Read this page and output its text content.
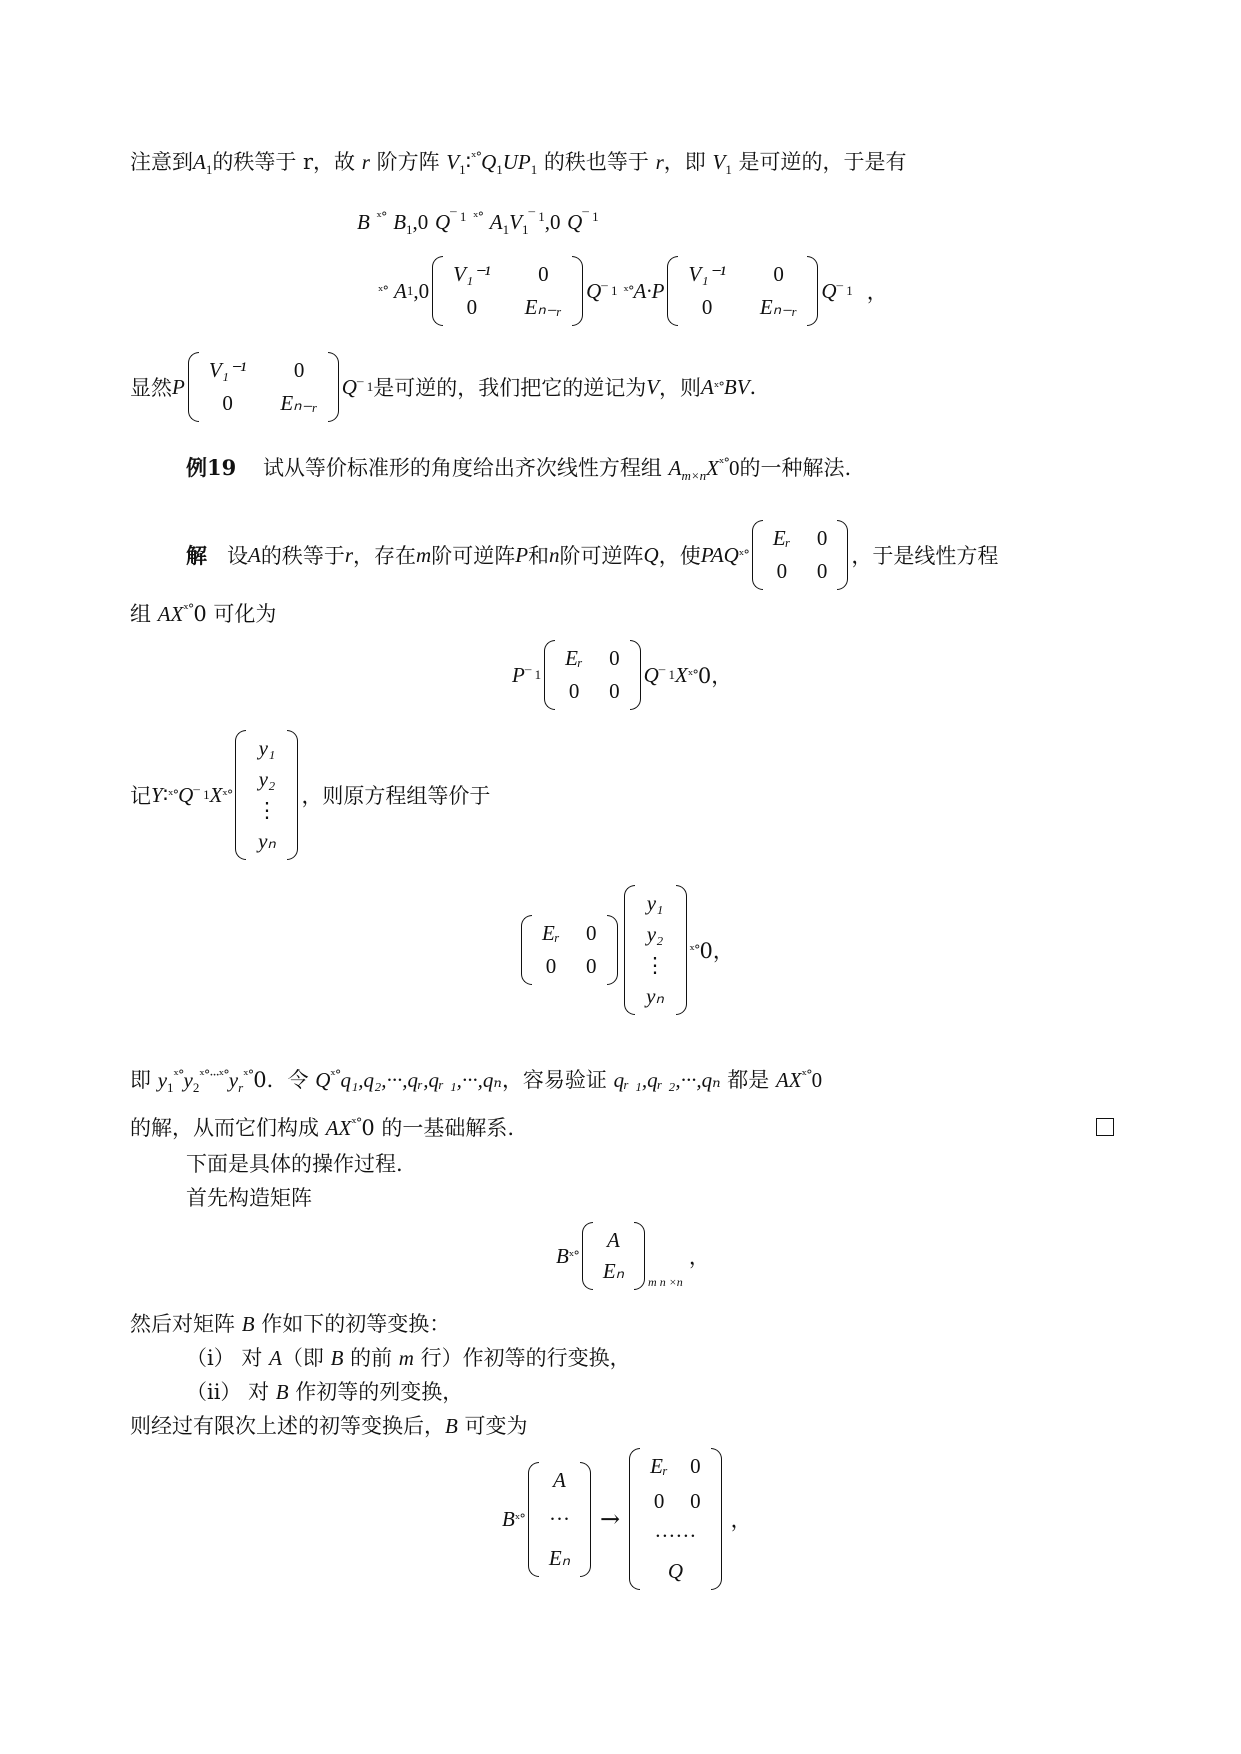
注意到$A_1$的秩等于 r，故 r 阶方阵 $V_1∶^{ˣ^\circ}Q_1UP_1$ 的秩也等于 r，即 $V_1$ 是可逆的，于是有
B $^{ˣ^\circ}$ $B_1,0$ $Q^{¯ 1}$ $^{ˣ^\circ}$ $A_1V_1^{¯ 1},0$ $Q^{¯ 1}$
ˣ° A 1 ,0
V₁⁻¹ 0
0 Eₙ₋ᵣ
Q ¯ 1 ˣ° A ·P
V₁⁻¹ 0
0 Eₙ₋ᵣ
Q ¯ 1 ，
显然 P
V₁⁻¹ 0
0 Eₙ₋ᵣ
Q ¯ 1 是可逆的，我们把它的逆记为 V ，则 A ˣ° BV .
例19 试从等价标准形的角度给出齐次线性方程组 $A_{m\times n}X^{ˣ^\circ}0$的一种解法.
解
设 A 的秩等于 r ，存在 m 阶可逆阵 P 和 n 阶可逆阵 Q ，使 PAQ ˣ°
Eᵣ 0
0 0
，于是线性方程
组 $AX^{ˣ^\circ}0$ 可化为
P ¯ 1
Eᵣ 0
0 0
Q ¯ 1 X ˣ° 0，
记 Y ∶ ˣ° Q ¯ 1 X ˣ°
y₁
y₂
⋮
yₙ
，则原方程组等价于
Eᵣ 0
0 0
y₁
y₂
⋮
yₙ
ˣ° 0，
即 $y_1^{ˣ^\circ}y_2^{ˣ^\circ\cdot\cdot\cdot ˣ^\circ}y_r^{ˣ^\circ}0$．令 $Q^{ˣ^\circ}q_1,q_2,\cdot\cdot\cdot,qᵣ,qᵣ$ ₁,···,qₙ，容易验证 qᵣ ₁,qᵣ ₂,···,qₙ 都是 $AX^{ˣ^\circ}0$
的解，从而它们构成 $AX^{ˣ^\circ}0$ 的一基础解系.
下面是具体的操作过程.
首先构造矩阵
B ˣ°
A
Eₙ m n ×n
，
然后对矩阵 B 作如下的初等变换：
（i） 对 A（即 B 的前 m 行）作初等的行变换，
（ii） 对 B 作初等的列变换，
则经过有限次上述的初等变换后，B 可变为
B ˣ°
A
···
Eₙ
→
Eᵣ 0
0 0
······
Q
，
